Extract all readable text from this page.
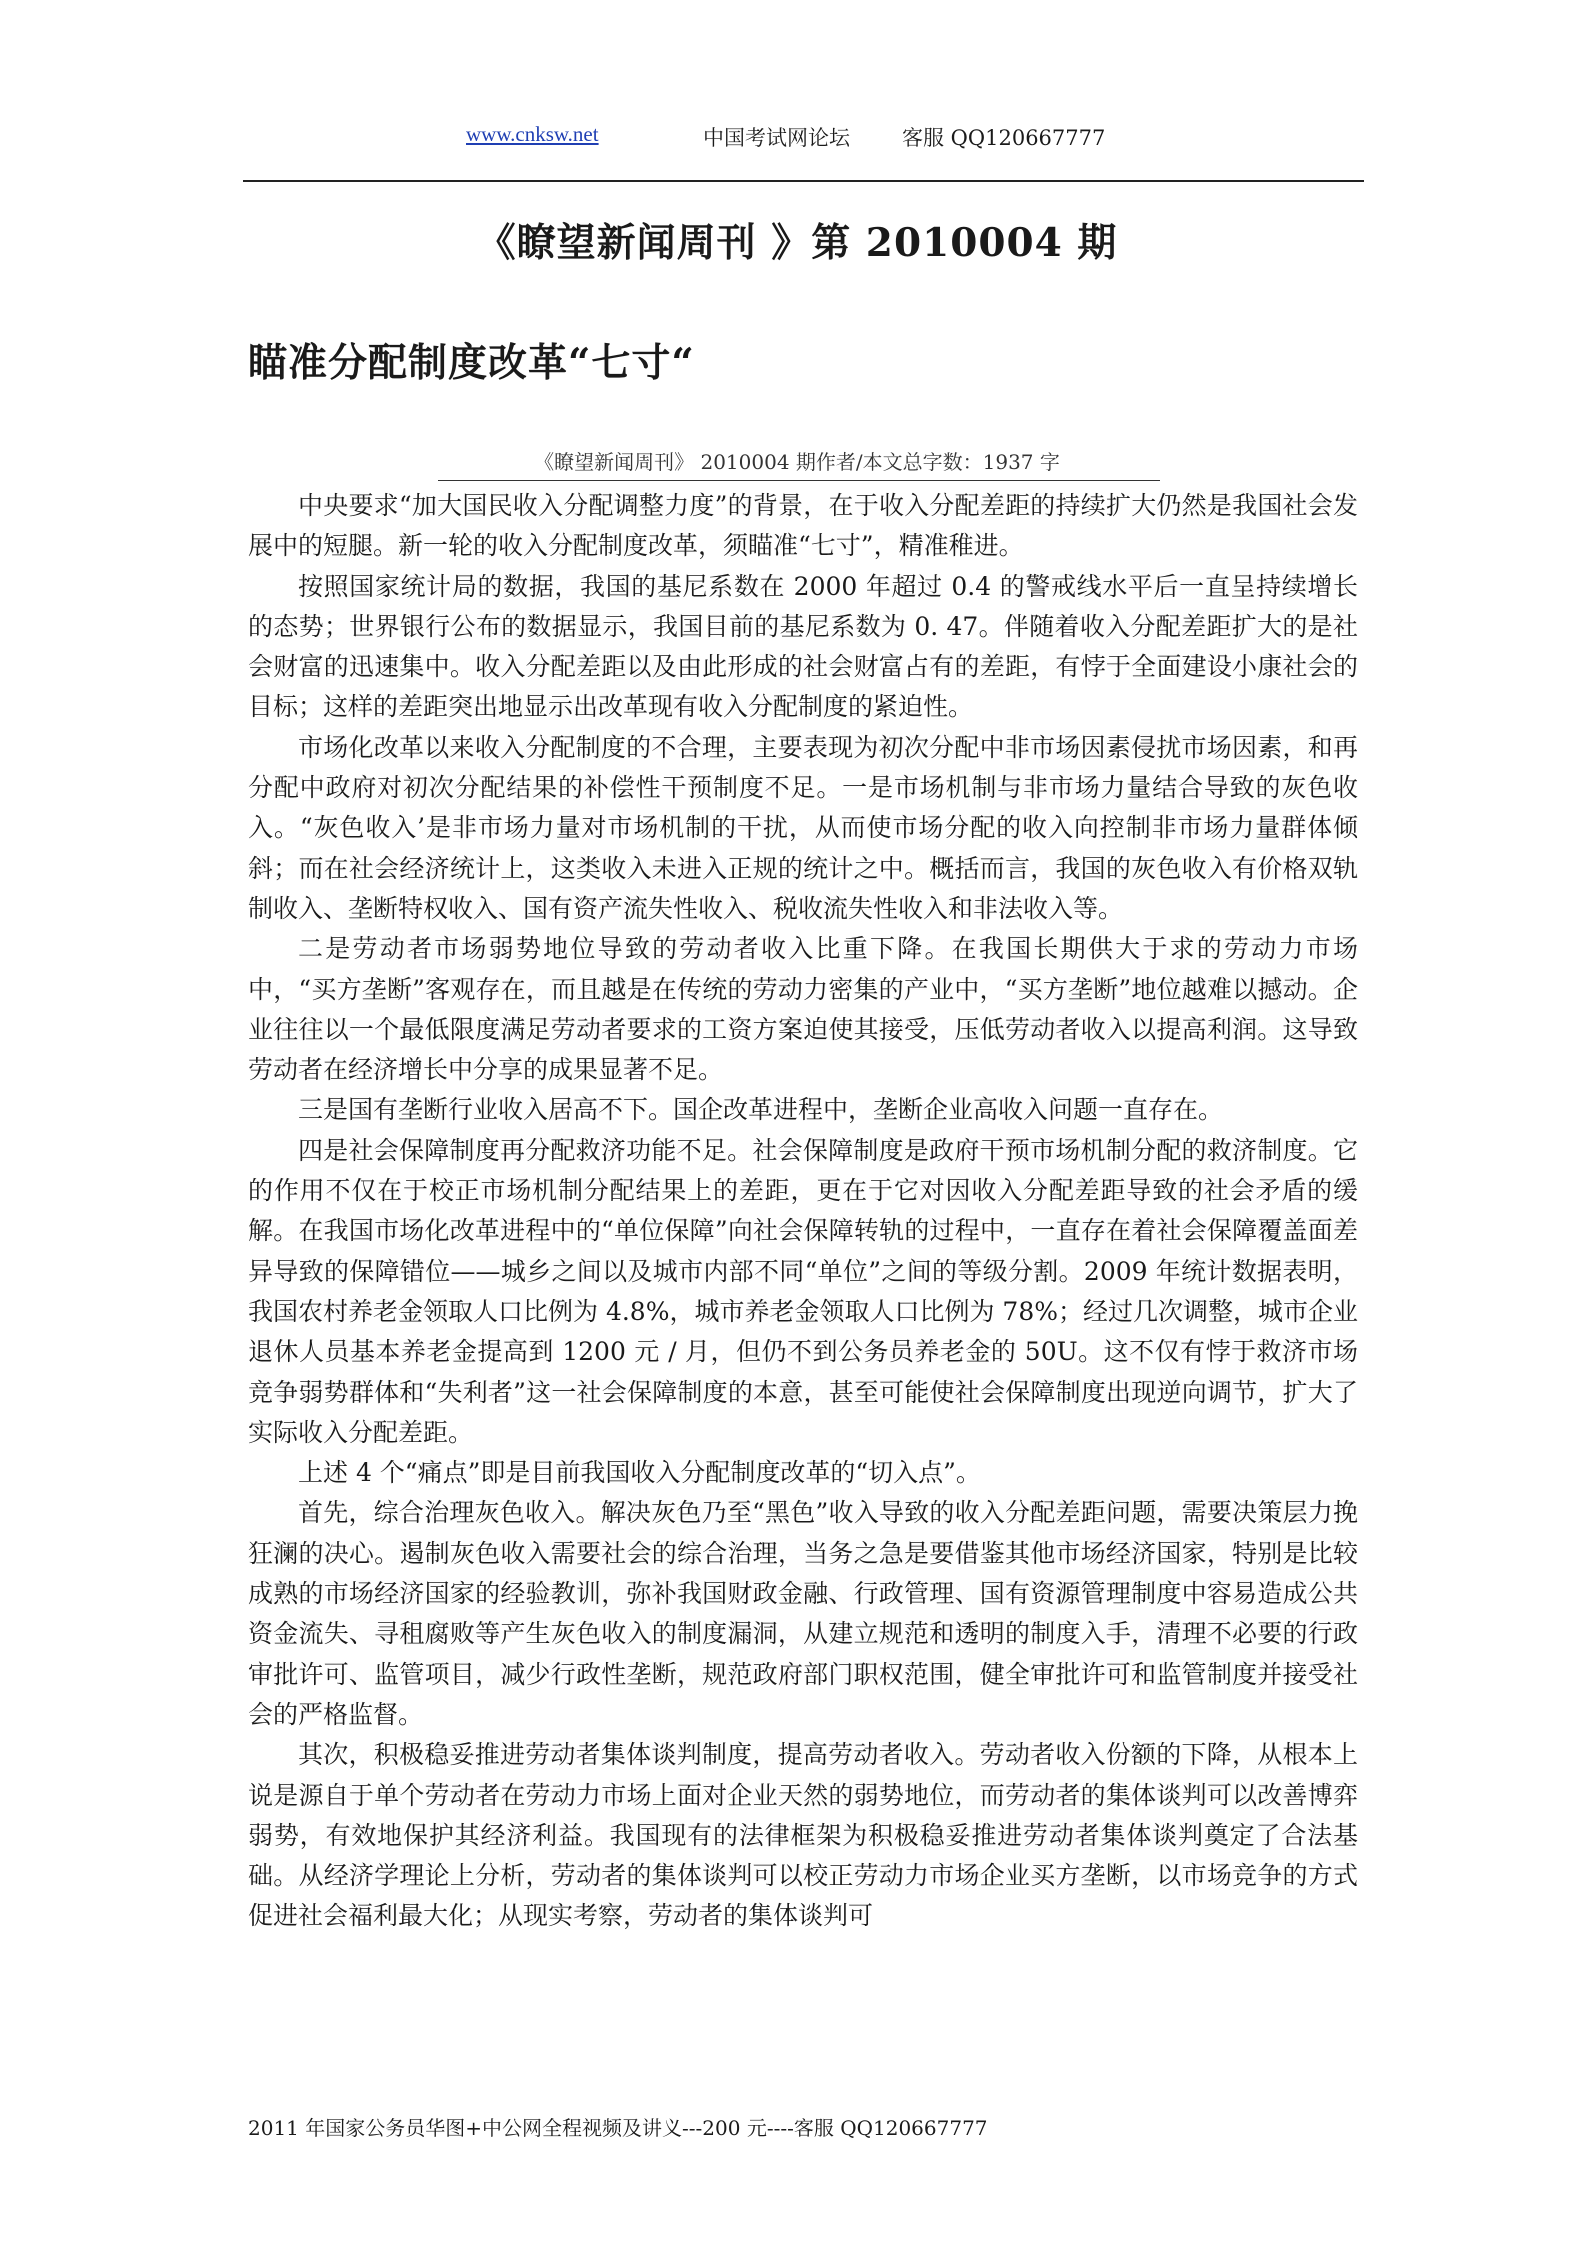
www.cnksw.net	中国考试网论坛 客服 QQ120667777
《瞭望新闻周刊 》第 2010004 期
瞄准分配制度改革“七寸“
《瞭望新闻周刊》 2010004 期作者/本文总字数：1937 字

中央要求“加大国民收入分配调整力度”的背景，在于收入分配差距的持续扩大仍然是我国社会发展中的短腿。新一轮的收入分配制度改革，须瞄准“七寸”，精准稚进。

按照国家统计局的数据，我国的基尼系数在 2000 年超过 0.4 的警戒线水平后一直呈持续增长的态势；世界银行公布的数据显示，我国目前的基尼系数为 0. 47。伴随着收入分配差距扩大的是社会财富的迅速集中。收入分配差距以及由此形成的社会财富占有的差距，有悖于全面建设小康社会的目标；这样的差距突出地显示出改革现有收入分配制度的紧迫性。

市场化改革以来收入分配制度的不合理，主要表现为初次分配中非市场因素侵扰市场因素，和再分配中政府对初次分配结果的补偿性干预制度不足。一是市场机制与非市场力量结合导致的灰色收入。“灰色收入’是非市场力量对市场机制的干扰，从而使市场分配的收入向控制非市场力量群体倾斜；而在社会经济统计上，这类收入未进入正规的统计之中。概括而言，我国的灰色收入有价格双轨制收入、垄断特权收入、国有资产流失性收入、税收流失性收入和非法收入等。

二是劳动者市场弱势地位导致的劳动者收入比重下降。在我国长期供大于求的劳动力市场中，“买方垄断”客观存在，而且越是在传统的劳动力密集的产业中，“买方垄断”地位越难以撼动。企业往往以一个最低限度满足劳动者要求的工资方案迫使其接受，压低劳动者收入以提高利润。这导致劳动者在经济增长中分享的成果显著不足。

三是国有垄断行业收入居高不下。国企改革进程中，垄断企业高收入问题一直存在。

四是社会保障制度再分配救济功能不足。社会保障制度是政府干预市场机制分配的救济制度。它的作用不仅在于校正市场机制分配结果上的差距，更在于它对因收入分配差距导致的社会矛盾的缓解。在我国市场化改革进程中的“单位保障”向社会保障转轨的过程中，一直存在着社会保障覆盖面差异导致的保障错位——城乡之间以及城市内部不同“单位”之间的等级分割。2009 年统计数据表明，我国农村养老金领取人口比例为 4.8%，城市养老金领取人口比例为 78%；经过几次调整，城市企业退休人员基本养老金提高到 1200 元 / 月，但仍不到公务员养老金的 50U。这不仅有悖于救济市场竞争弱势群体和“失利者”这一社会保障制度的本意，甚至可能使社会保障制度出现逆向调节，扩大了实际收入分配差距。

上述 4 个“痛点”即是目前我国收入分配制度改革的“切入点”。

首先，综合治理灰色收入。解决灰色乃至“黑色”收入导致的收入分配差距问题，需要决策层力挽狂澜的决心。遏制灰色收入需要社会的综合治理，当务之急是要借鉴其他市场经济国家，特别是比较成熟的市场经济国家的经验教训，弥补我国财政金融、行政管理、国有资源管理制度中容易造成公共资金流失、寻租腐败等产生灰色收入的制度漏洞，从建立规范和透明的制度入手，清理不必要的行政审批许可、监管项目，减少行政性垄断，规范政府部门职权范围，健全审批许可和监管制度并接受社会的严格监督。

其次，积极稳妥推进劳动者集体谈判制度，提高劳动者收入。劳动者收入份额的下降，从根本上说是源自于单个劳动者在劳动力市场上面对企业天然的弱势地位，而劳动者的集体谈判可以改善博弈弱势，有效地保护其经济利益。我国现有的法律框架为积极稳妥推进劳动者集体谈判奠定了合法基础。从经济学理论上分析，劳动者的集体谈判可以校正劳动力市场企业买方垄断，以市场竞争的方式促进社会福利最大化；从现实考察，劳动者的集体谈判可

2011 年国家公务员华图+中公网全程视频及讲义---200 元----客服 QQ120667777
